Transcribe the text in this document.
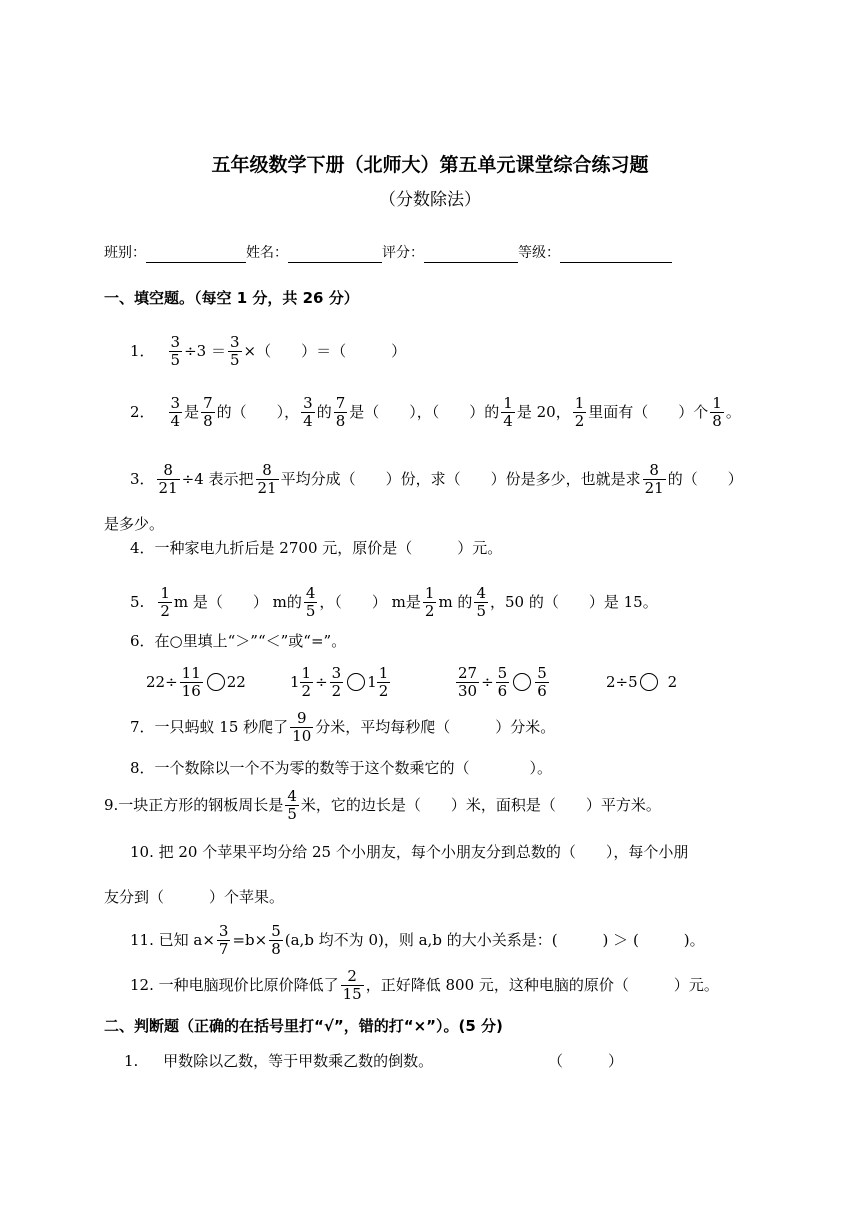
五年级数学下册（北师大）第五单元课堂综合练习题
（分数除法）
班别：	姓名：	评分：	等级：
一、填空题。（每空 1 分，共 26 分）
1． $\frac{3}{5} \div 3 = \frac{3}{5}$ ×（　　）＝（　　　）
2． $\frac{3}{4}$ 是 $\frac{7}{8}$ 的（　　）， $\frac{3}{4}$ 的 $\frac{7}{8}$ 是（　　），（　　）的 $\frac{1}{4}$ 是 20， $\frac{1}{2}$ 里面有（　　）个 $\frac{1}{8}$ 。
3． $\frac{8}{21} \div 4$ 表示把 $\frac{8}{21}$ 平均分成（　　）份，求（　　）份是多少，也就是求 $\frac{8}{21}$ 的（　　）
是多少。
4．一种家电九折后是 2700 元，原价是（　　　）元。
5. $\frac{1}{2}$ m 是（　　） m的 $\frac{4}{5}$ ，（　　） m是 $\frac{1}{2}$ m 的 $\frac{4}{5}$ ，50 的（　　）是 15。
6．在○里填上“＞”“＜”或“=”。
$22\div \frac{11}{16} 22$	$1 \frac{1}{2} \div \frac{3}{2} 1 \frac{1}{2}$	$\frac{27}{30} \div \frac{5}{6} \frac{5}{6}$	2÷5 2
7．一只蚂蚁 15 秒爬了 $\frac{9}{10}$ 分米，平均每秒爬（　　　）分米。
8．一个数除以一个不为零的数等于这个数乘它的（　　　　）。
9.一块正方形的钢板周长是 $\frac{4}{5}$ 米，它的边长是（　　）米，面积是（　　）平方米。
10. 把 20 个苹果平均分给 25 个小朋友，每个小朋友分到总数的（　　），每个小朋
友分到（　　　）个苹果。
11. 已知 $a\times \frac{3}{7} =b\times \frac{5}{8} (a,b$ 均不为 0)，则 a,b 的大小关系是：(　　　) ＞ (　　　)。
12. 一种电脑现价比原价降低了 $\frac{2}{15}$ ，正好降低 800 元，这种电脑的原价（　　　）元。
二、判断题（正确的在括号里打“√”，错的打“×”）。(5 分)
1. 甲数除以乙数，等于甲数乘乙数的倒数。	（　　　）
